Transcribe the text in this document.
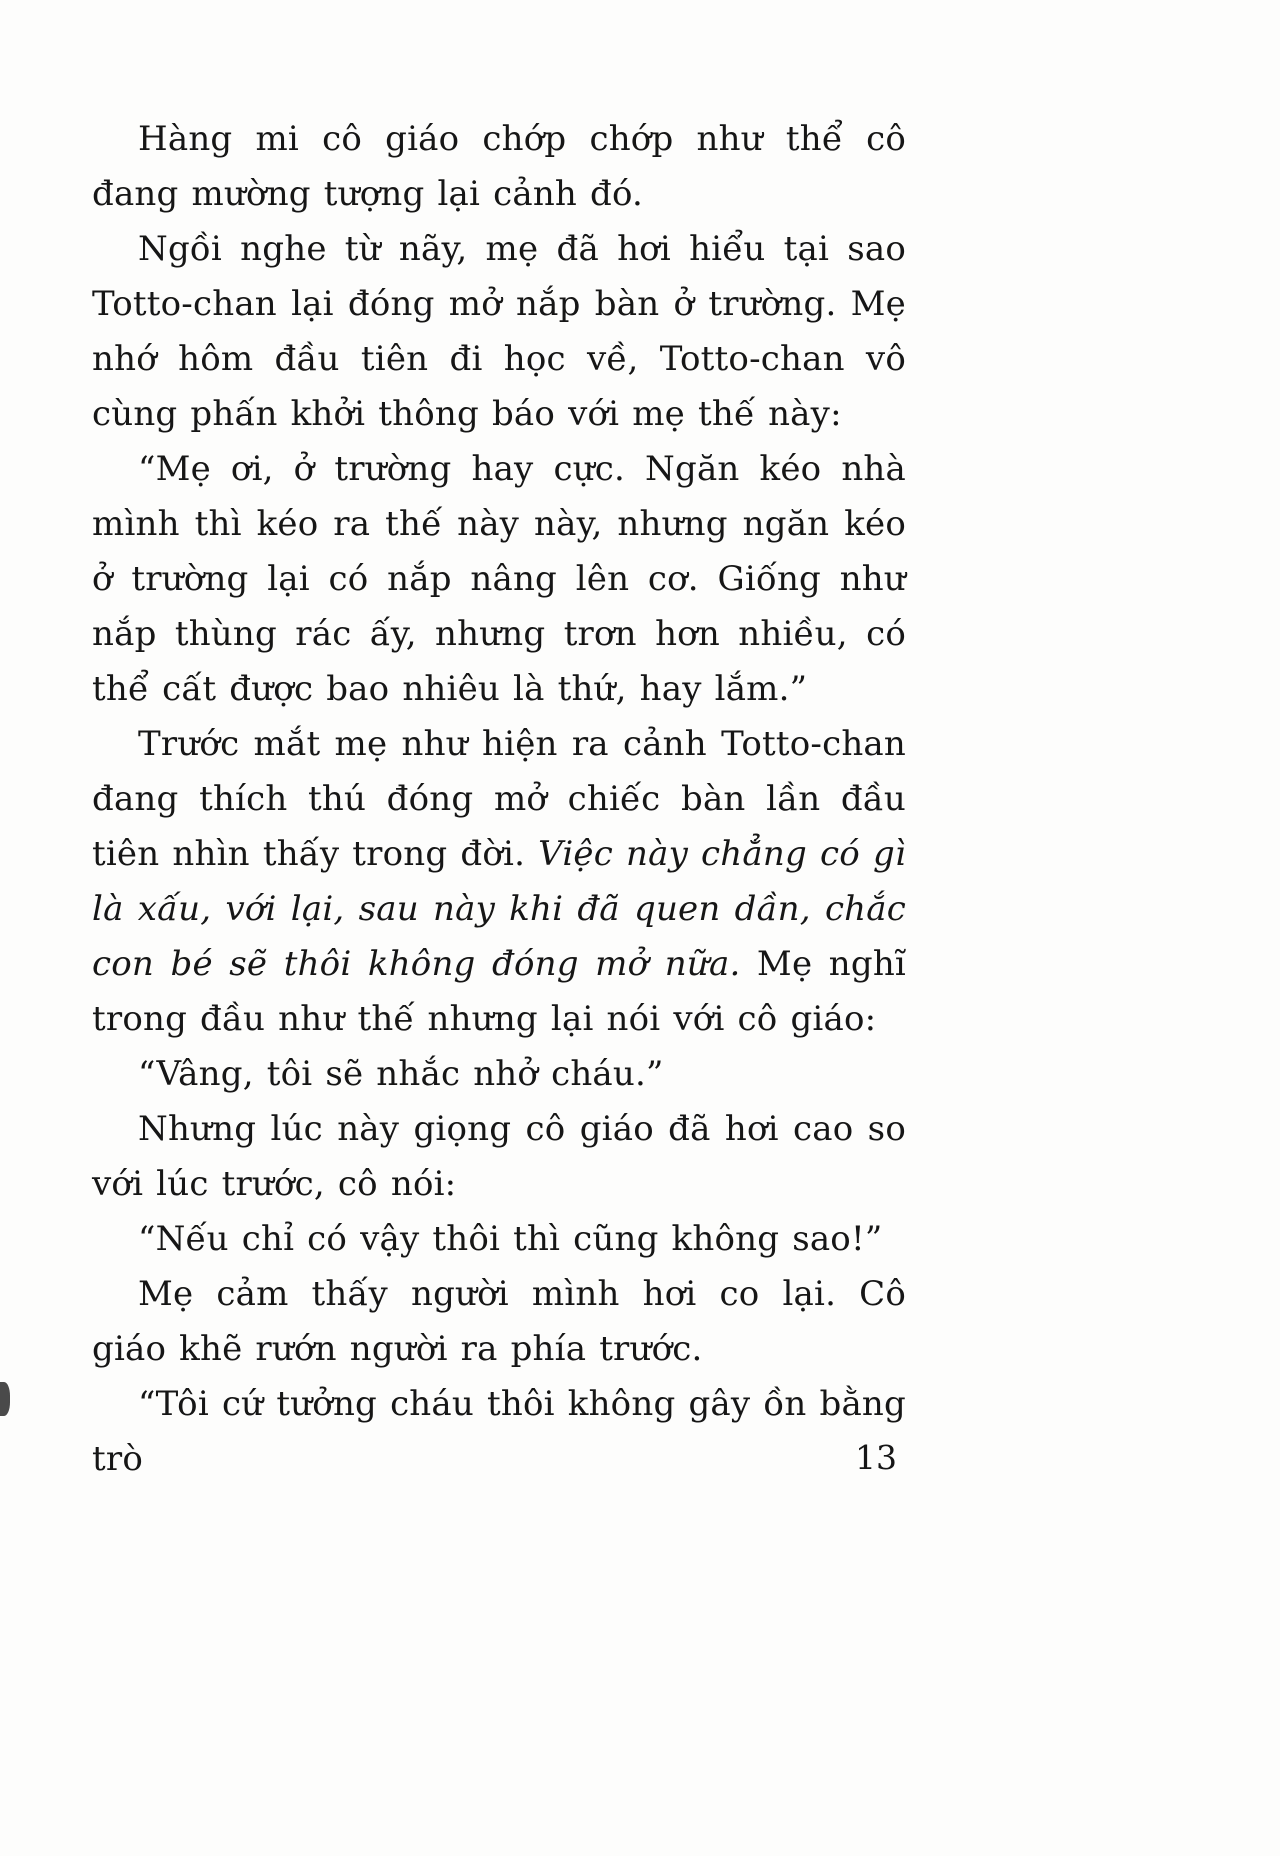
Hàng mi cô giáo chớp chớp như thể cô đang mường tượng lại cảnh đó.

Ngồi nghe từ nãy, mẹ đã hơi hiểu tại sao Totto-chan lại đóng mở nắp bàn ở trường. Mẹ nhớ hôm đầu tiên đi học về, Totto-chan vô cùng phấn khởi thông báo với mẹ thế này:

“Mẹ ơi, ở trường hay cực. Ngăn kéo nhà mình thì kéo ra thế này này, nhưng ngăn kéo ở trường lại có nắp nâng lên cơ. Giống như nắp thùng rác ấy, nhưng trơn hơn nhiều, có thể cất được bao nhiêu là thứ, hay lắm.”

Trước mắt mẹ như hiện ra cảnh Totto-chan đang thích thú đóng mở chiếc bàn lần đầu tiên nhìn thấy trong đời. Việc này chẳng có gì là xấu, với lại, sau này khi đã quen dần, chắc con bé sẽ thôi không đóng mở nữa. Mẹ nghĩ trong đầu như thế nhưng lại nói với cô giáo:

“Vâng, tôi sẽ nhắc nhở cháu.”

Nhưng lúc này giọng cô giáo đã hơi cao so với lúc trước, cô nói:

“Nếu chỉ có vậy thôi thì cũng không sao!”

Mẹ cảm thấy người mình hơi co lại. Cô giáo khẽ rướn người ra phía trước.

“Tôi cứ tưởng cháu thôi không gây ồn bằng trò	13
